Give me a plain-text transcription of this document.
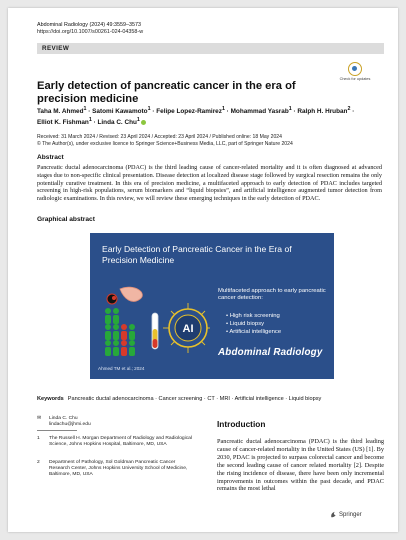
Abdominal Radiology (2024) 49:3559–3573
https://doi.org/10.1007/s00261-024-04358-w
REVIEW
Check for updates
Early detection of pancreatic cancer in the era of precision medicine
Taha M. Ahmed$^1$ · Satomi Kawamoto$^1$ · Felipe Lopez-Ramirez$^1$ · Mohammad Yasrab$^1$ · Ralph H. Hruban$^2$ ·
Elliot K. Fishman$^1$ · Linda C. Chu$^1$
Received: 31 March 2024 / Revised: 23 April 2024 / Accepted: 23 April 2024 / Published online: 18 May 2024
© The Author(s), under exclusive licence to Springer Science+Business Media, LLC, part of Springer Nature 2024
Abstract
Pancreatic ductal adenocarcinoma (PDAC) is the third leading cause of cancer-related mortality and it is often diagnosed at advanced stages due to non-specific clinical presentation. Disease detection at localized disease stage followed by surgical resection remains the only potentially curative treatment. In this era of precision medicine, a multifaceted approach to early detection of PDAC includes targeted screening in high-risk populations, serum biomarkers and “liquid biopsies”, and artificial intelligence augmented tumor detection from radiologic examinations. In this review, we will review these emerging techniques in the early detection of PDAC.
Graphical abstract
Early Detection of Pancreatic Cancer in the Era of Precision Medicine
AI
Multifaceted approach to early pancreatic cancer detection:
• High risk screening
• Liquid biopsy
• Artificial intelligence
Abdominal Radiology
Ahmed TM et al.; 2024
Keywords Pancreatic ductal adenocarcinoma · Cancer screening · CT · MRI · Artificial intelligence · Liquid biopsy
✉ Linda C. Chu
lindachu@jhmi.edu
1 The Russell H. Morgan Department of Radiology and Radiological Science, Johns Hopkins Hospital, Baltimore, MD, USA
2 Department of Pathology, Sol Goldman Pancreatic Cancer Research Center, Johns Hopkins University School of Medicine, Baltimore, MD, USA
Introduction
Pancreatic ductal adenocarcinoma (PDAC) is the third leading cause of cancer-related mortality in the United States (US) [1]. By 2030, PDAC is projected to surpass colorectal cancer and become the second leading cause of cancer related mortality [2]. Despite the rising incidence of disease, there have been only incremental improvements in outcomes within the past decade, and PDAC remains the most lethal
Springer
